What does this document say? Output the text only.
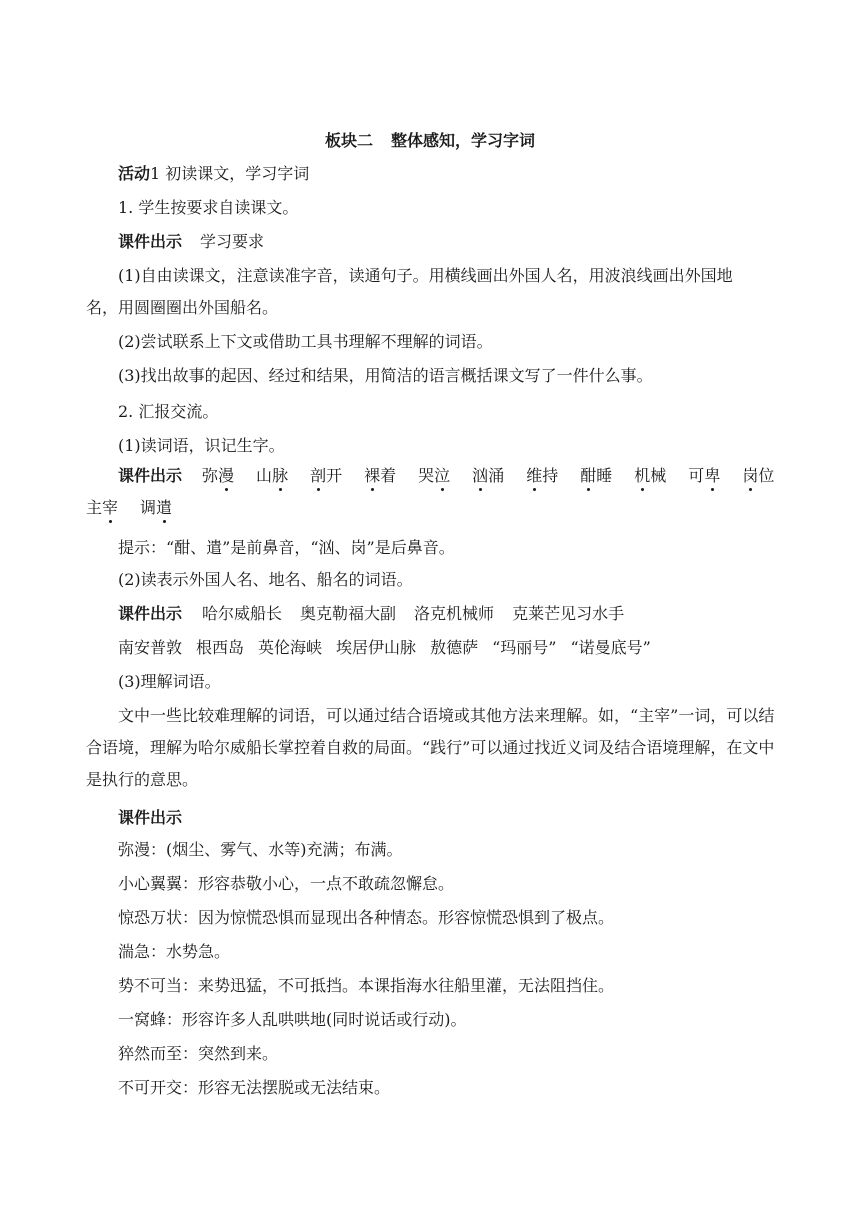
板块二 整体感知，学习字词
活动1 初读课文，学习字词
1. 学生按要求自读课文。
课件出示 学习要求
(1)自由读课文，注意读准字音，读通句子。用横线画出外国人名，用波浪线画出外国地
名，用圆圈圈出外国船名。
(2)尝试联系上下文或借助工具书理解不理解的词语。
(3)找出故事的起因、经过和结果，用简洁的语言概括课文写了一件什么事。
2. 汇报交流。
(1)读词语，识记生字。
课件出示 弥漫 山脉 剖开 裸着 哭泣 汹涌 维持 酣睡 机械 可卑 岗位
主宰 调遣
提示：“酣、遣”是前鼻音，“汹、岗”是后鼻音。
(2)读表示外国人名、地名、船名的词语。
课件出示 哈尔威船长 奥克勒福大副 洛克机械师 克莱芒见习水手
南安普敦 根西岛 英伦海峡 埃居伊山脉 敖德萨 “玛丽号” “诺曼底号”
(3)理解词语。
文中一些比较难理解的词语，可以通过结合语境或其他方法来理解。如，“主宰”一词，可以结合语境，理解为哈尔威船长掌控着自救的局面。“践行”可以通过找近义词及结合语境理解，在文中是执行的意思。
课件出示
弥漫：(烟尘、雾气、水等)充满；布满。
小心翼翼：形容恭敬小心，一点不敢疏忽懈怠。
惊恐万状：因为惊慌恐惧而显现出各种情态。形容惊慌恐惧到了极点。
湍急：水势急。
势不可当：来势迅猛，不可抵挡。本课指海水往船里灌，无法阻挡住。
一窝蜂：形容许多人乱哄哄地(同时说话或行动)。
猝然而至：突然到来。
不可开交：形容无法摆脱或无法结束。
